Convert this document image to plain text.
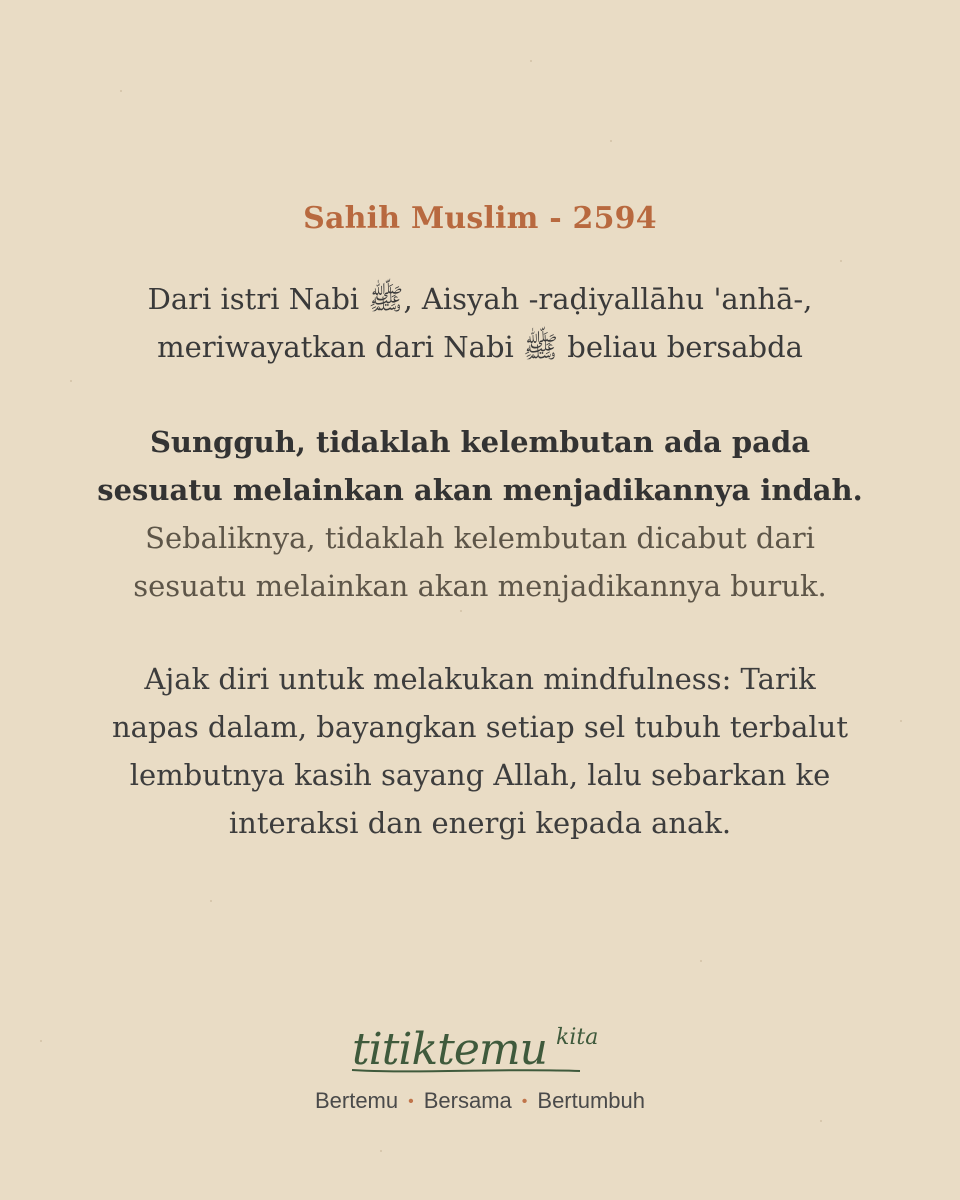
Sahih Muslim - 2594
Dari istri Nabi ﷺ, Aisyah -raḍiyallāhu 'anhā-,
meriwayatkan dari Nabi ﷺ beliau bersabda
Sungguh, tidaklah kelembutan ada pada
sesuatu melainkan akan menjadikannya indah.
Sebaliknya, tidaklah kelembutan dicabut dari
sesuatu melainkan akan menjadikannya buruk.
Ajak diri untuk melakukan mindfulness: Tarik
napas dalam, bayangkan setiap sel tubuh terbalut
lembutnya kasih sayang Allah, lalu sebarkan ke
interaksi dan energi kepada anak.
titiktemu kita
Bertemu • Bersama • Bertumbuh
